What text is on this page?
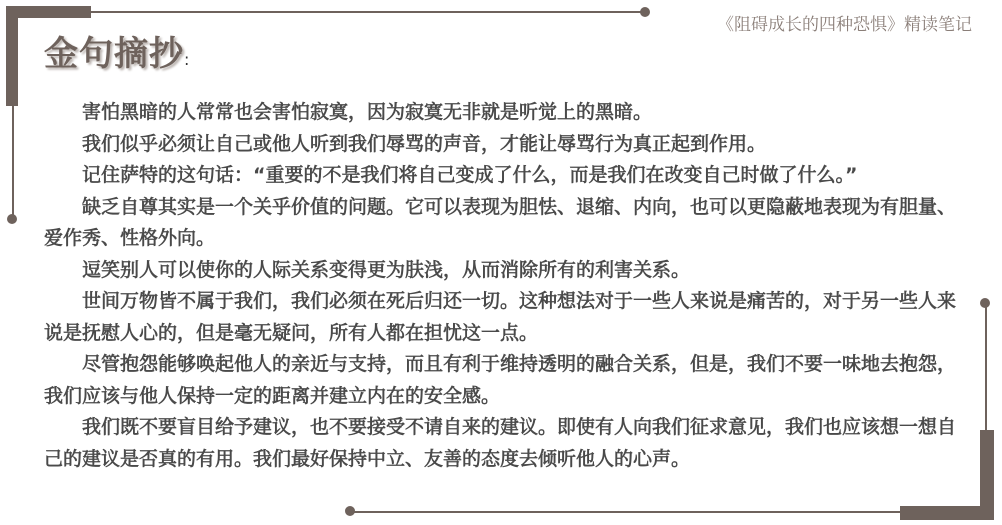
《阻碍成长的四种恐惧》精读笔记
金句摘抄:

害怕黑暗的人常常也会害怕寂寞，因为寂寞无非就是听觉上的黑暗。

我们似乎必须让自己或他人听到我们辱骂的声音，才能让辱骂行为真正起到作用。

记住萨特的这句话：“重要的不是我们将自己变成了什么，而是我们在改变自己时做了什么。”

缺乏自尊其实是一个关乎价值的问题。它可以表现为胆怯、退缩、内向，也可以更隐蔽地表现为有胆量、爱作秀、性格外向。

逗笑别人可以使你的人际关系变得更为肤浅，从而消除所有的利害关系。

世间万物皆不属于我们，我们必须在死后归还一切。这种想法对于一些人来说是痛苦的，对于另一些人来说是抚慰人心的，但是毫无疑问，所有人都在担忧这一点。

尽管抱怨能够唤起他人的亲近与支持，而且有利于维持透明的融合关系，但是，我们不要一味地去抱怨，我们应该与他人保持一定的距离并建立内在的安全感。

我们既不要盲目给予建议，也不要接受不请自来的建议。即使有人向我们征求意见，我们也应该想一想自己的建议是否真的有用。我们最好保持中立、友善的态度去倾听他人的心声。
